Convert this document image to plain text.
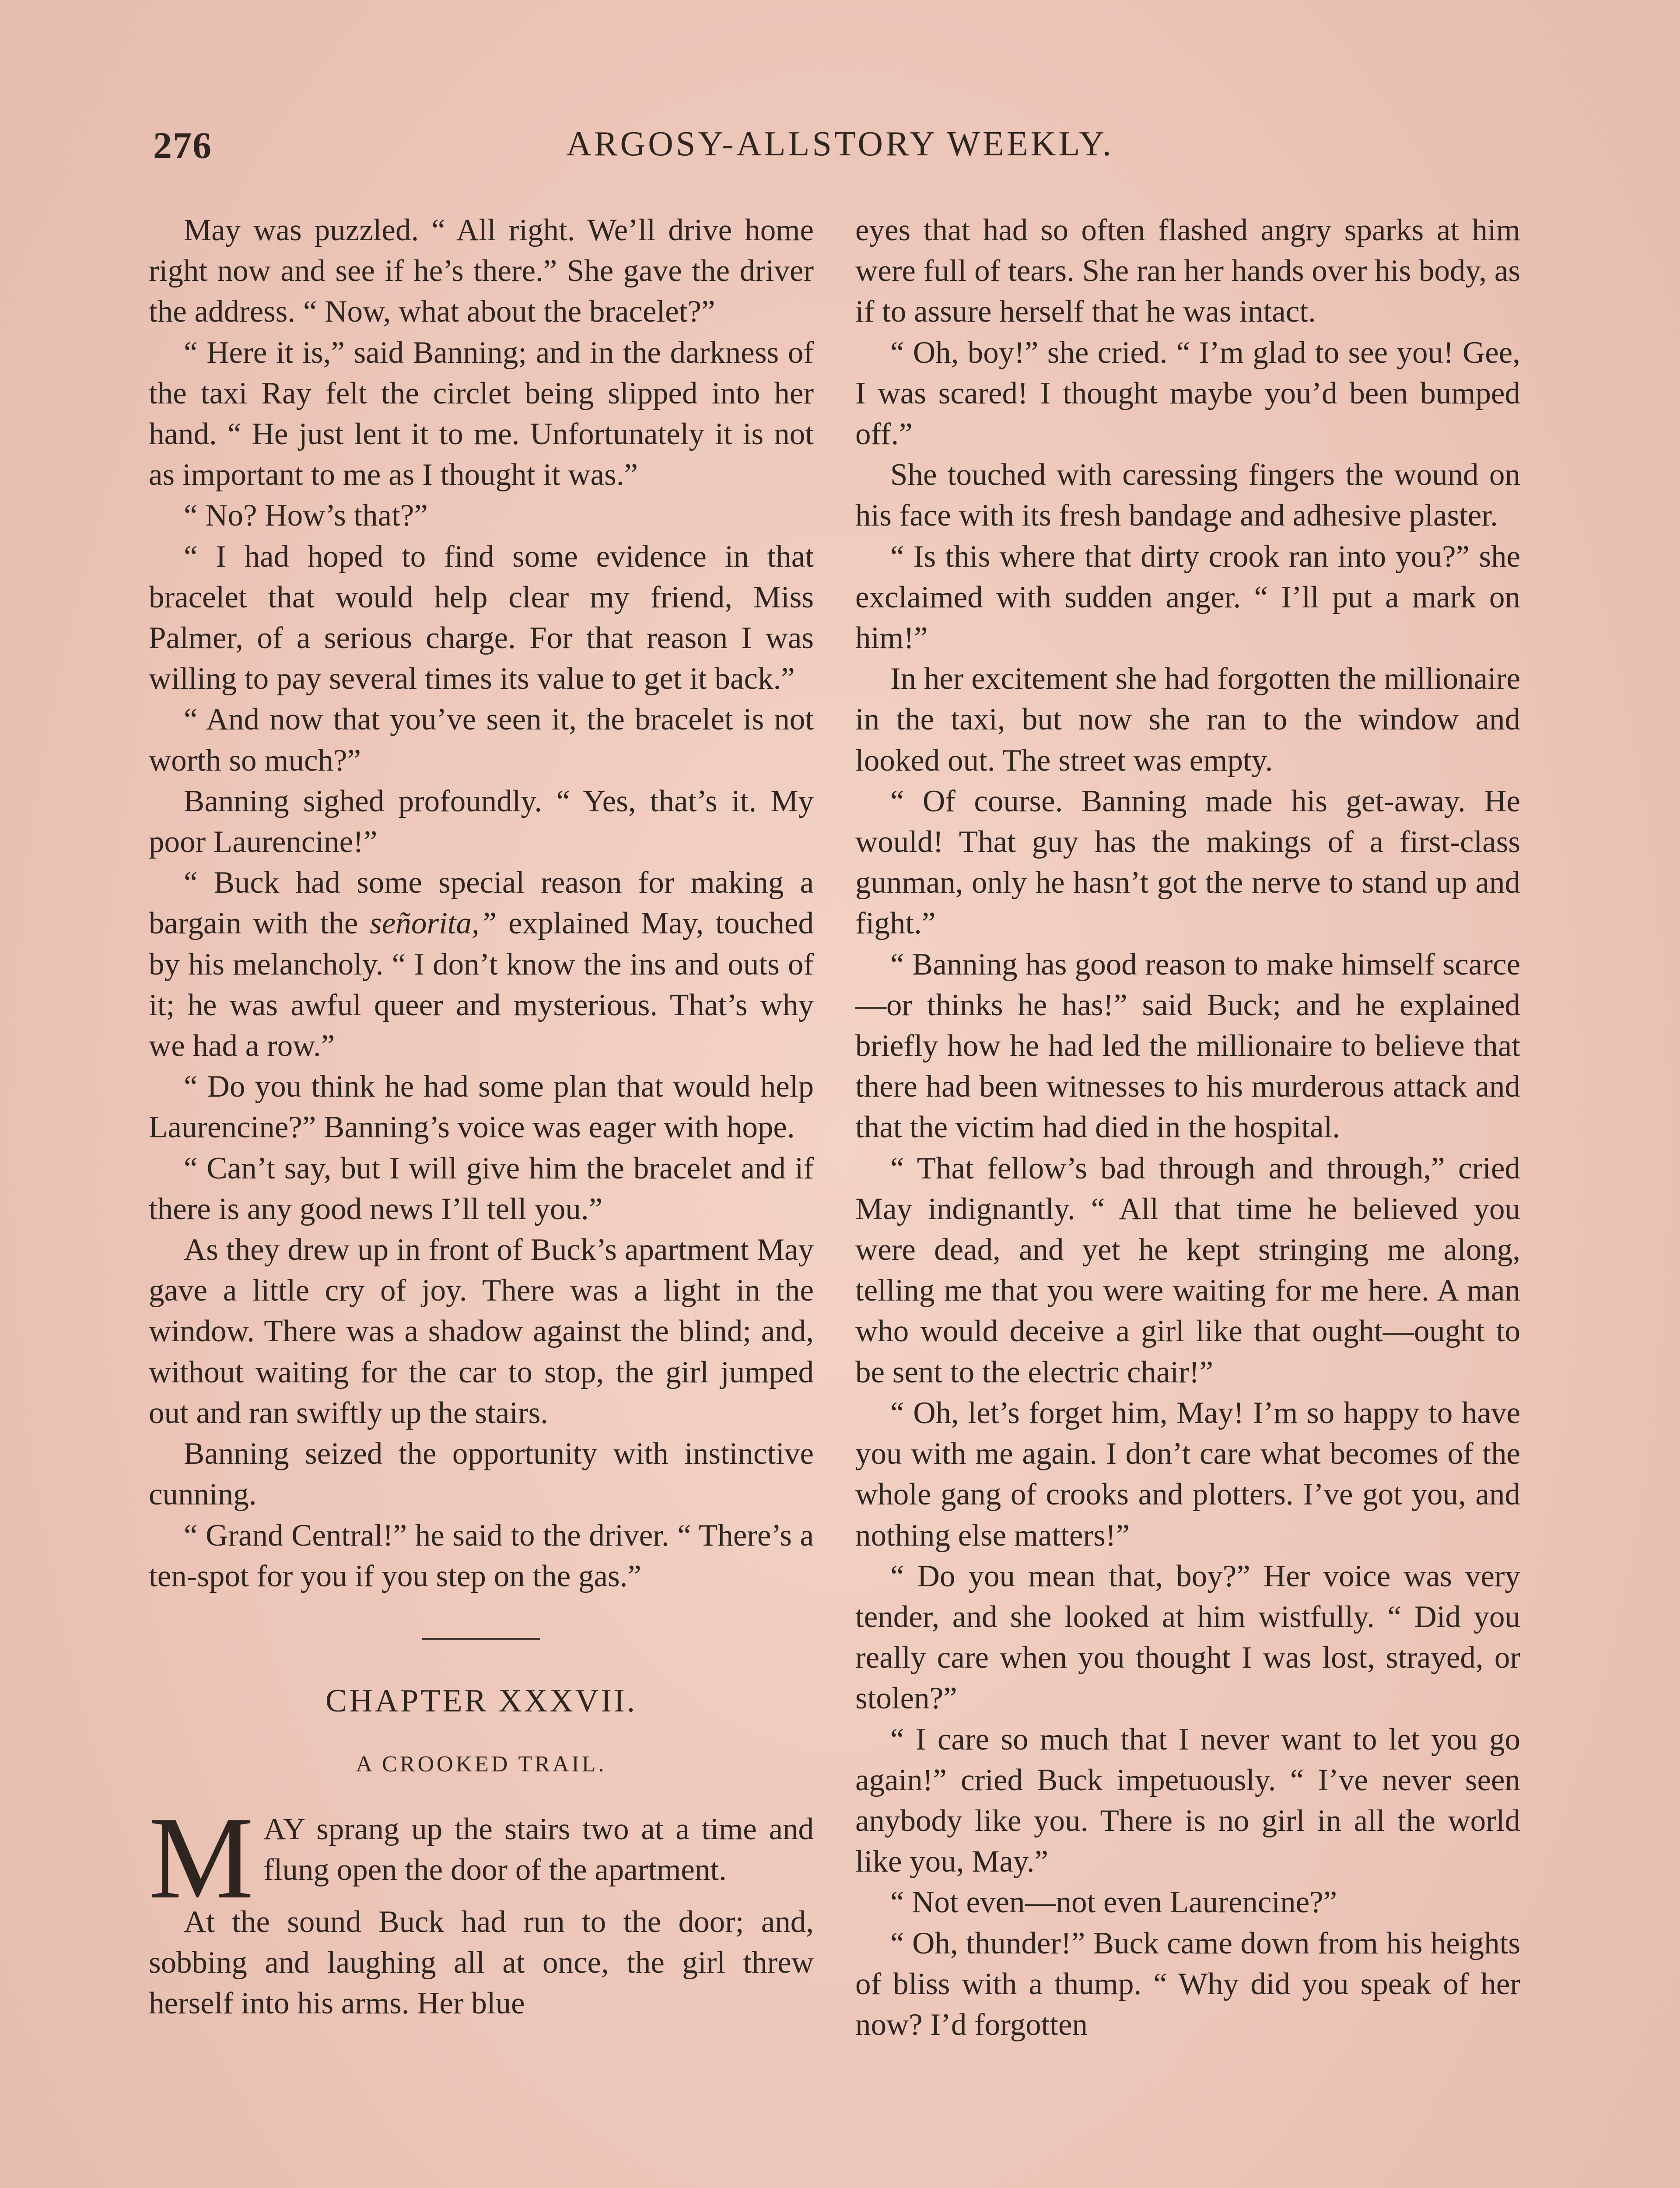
276	ARGOSY-ALLSTORY WEEKLY.

May was puzzled. “ All right. We’ll drive home right now and see if he’s there.” She gave the driver the address. “ Now, what about the bracelet?”

“ Here it is,” said Banning; and in the darkness of the taxi Ray felt the circlet being slipped into her hand. “ He just lent it to me. Unfortunately it is not as important to me as I thought it was.”

“ No? How’s that?”

“ I had hoped to find some evidence in that bracelet that would help clear my friend, Miss Palmer, of a serious charge. For that reason I was willing to pay several times its value to get it back.”

“ And now that you’ve seen it, the bracelet is not worth so much?”

Banning sighed profoundly. “ Yes, that’s it. My poor Laurencine!”

“ Buck had some special reason for making a bargain with the señorita,” explained May, touched by his melancholy. “ I don’t know the ins and outs of it; he was awful queer and mysterious. That’s why we had a row.”

“ Do you think he had some plan that would help Laurencine?” Banning’s voice was eager with hope.

“ Can’t say, but I will give him the bracelet and if there is any good news I’ll tell you.”

As they drew up in front of Buck’s apartment May gave a little cry of joy. There was a light in the window. There was a shadow against the blind; and, without waiting for the car to stop, the girl jumped out and ran swiftly up the stairs.

Banning seized the opportunity with instinctive cunning.

“ Grand Central!” he said to the driver. “ There’s a ten-spot for you if you step on the gas.”

CHAPTER XXXVII.
A CROOKED TRAIL.

MAY sprang up the stairs two at a time and flung open the door of the apartment.

At the sound Buck had run to the door; and, sobbing and laughing all at once, the girl threw herself into his arms. Her blue

eyes that had so often flashed angry sparks at him were full of tears. She ran her hands over his body, as if to assure herself that he was intact.

“ Oh, boy!” she cried. “ I’m glad to see you! Gee, I was scared! I thought maybe you’d been bumped off.”

She touched with caressing fingers the wound on his face with its fresh bandage and adhesive plaster.

“ Is this where that dirty crook ran into you?” she exclaimed with sudden anger. “ I’ll put a mark on him!”

In her excitement she had forgotten the millionaire in the taxi, but now she ran to the window and looked out. The street was empty.

“ Of course. Banning made his get-away. He would! That guy has the makings of a first-class gunman, only he hasn’t got the nerve to stand up and fight.”

“ Banning has good reason to make himself scarce—or thinks he has!” said Buck; and he explained briefly how he had led the millionaire to believe that there had been witnesses to his murderous attack and that the victim had died in the hospital.

“ That fellow’s bad through and through,” cried May indignantly. “ All that time he believed you were dead, and yet he kept stringing me along, telling me that you were waiting for me here. A man who would deceive a girl like that ought—ought to be sent to the electric chair!”

“ Oh, let’s forget him, May! I’m so happy to have you with me again. I don’t care what becomes of the whole gang of crooks and plotters. I’ve got you, and nothing else matters!”

“ Do you mean that, boy?” Her voice was very tender, and she looked at him wistfully. “ Did you really care when you thought I was lost, strayed, or stolen?”

“ I care so much that I never want to let you go again!” cried Buck impetuously. “ I’ve never seen anybody like you. There is no girl in all the world like you, May.”

“ Not even—not even Laurencine?”

“ Oh, thunder!” Buck came down from his heights of bliss with a thump. “ Why did you speak of her now? I’d forgotten
